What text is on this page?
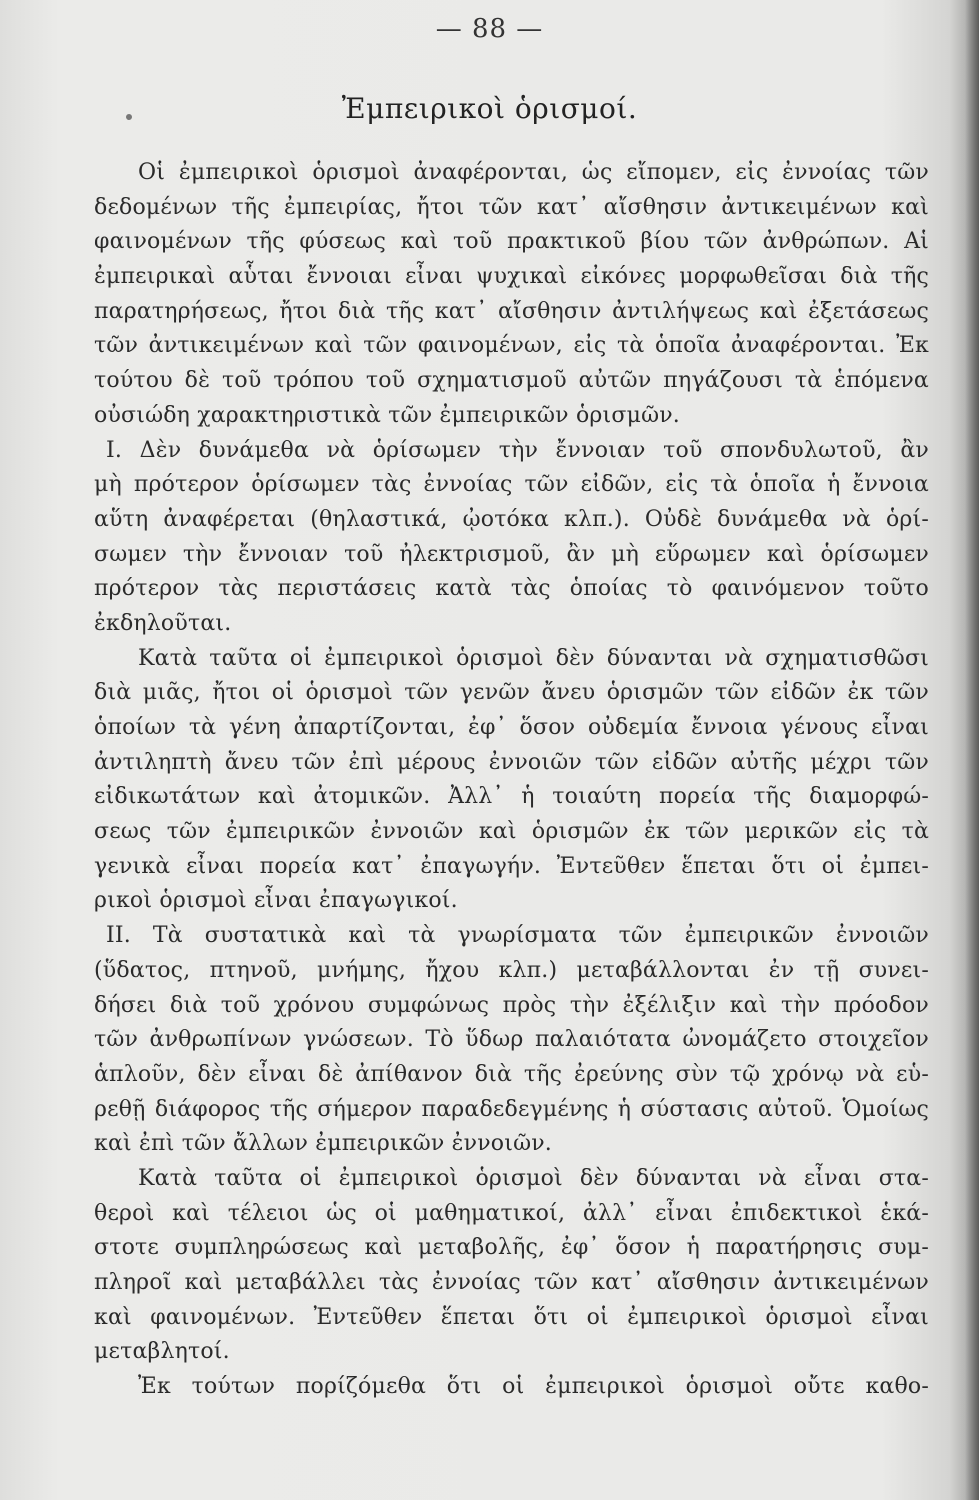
— 88 —
Ἐμπειρικοὶ ὁρισμοί.
Οἱ ἐμπειρικοὶ ὁρισμοὶ ἀναφέρονται, ὡς εἴπομεν, εἰς ἐννοίας τῶν
δεδομένων τῆς ἐμπειρίας, ἤτοι τῶν κατ᾽ αἴσθησιν ἀντικειμένων καὶ
φαινομένων τῆς φύσεως καὶ τοῦ πρακτικοῦ βίου τῶν ἀνθρώπων. Αἱ
ἐμπειρικαὶ αὗται ἔννοιαι εἶναι ψυχικαὶ εἰκόνες μορφωθεῖσαι διὰ τῆς
παρατηρήσεως, ἤτοι διὰ τῆς κατ᾽ αἴσθησιν ἀντιλήψεως καὶ ἐξετάσεως
τῶν ἀντικειμένων καὶ τῶν φαινομένων, εἰς τὰ ὁποῖα ἀναφέρονται. Ἐκ
τούτου δὲ τοῦ τρόπου τοῦ σχηματισμοῦ αὐτῶν πηγάζουσι τὰ ἑπόμενα
οὐσιώδη χαρακτηριστικὰ τῶν ἐμπειρικῶν ὁρισμῶν.
I. Δὲν δυνάμεθα νὰ ὁρίσωμεν τὴν ἔννοιαν τοῦ σπονδυλωτοῦ, ἂν
μὴ πρότερον ὁρίσωμεν τὰς ἐννοίας τῶν εἰδῶν, εἰς τὰ ὁποῖα ἡ ἔννοια
αὕτη ἀναφέρεται (θηλαστικά, ᾠοτόκα κλπ.). Οὐδὲ δυνάμεθα νὰ ὁρί-
σωμεν τὴν ἔννοιαν τοῦ ἠλεκτρισμοῦ, ἂν μὴ εὕρωμεν καὶ ὁρίσωμεν
πρότερον τὰς περιστάσεις κατὰ τὰς ὁποίας τὸ φαινόμενον τοῦτο
ἐκδηλοῦται.
Κατὰ ταῦτα οἱ ἐμπειρικοὶ ὁρισμοὶ δὲν δύνανται νὰ σχηματισθῶσι
διὰ μιᾶς, ἤτοι οἱ ὁρισμοὶ τῶν γενῶν ἄνευ ὁρισμῶν τῶν εἰδῶν ἐκ τῶν
ὁποίων τὰ γένη ἀπαρτίζονται, ἐφ᾽ ὅσον οὐδεμία ἔννοια γένους εἶναι
ἀντιληπτὴ ἄνευ τῶν ἐπὶ μέρους ἐννοιῶν τῶν εἰδῶν αὐτῆς μέχρι τῶν
εἰδικωτάτων καὶ ἀτομικῶν. Ἀλλ᾽ ἡ τοιαύτη πορεία τῆς διαμορφώ-
σεως τῶν ἐμπειρικῶν ἐννοιῶν καὶ ὁρισμῶν ἐκ τῶν μερικῶν εἰς τὰ
γενικὰ εἶναι πορεία κατ᾽ ἐπαγωγήν. Ἐντεῦθεν ἕπεται ὅτι οἱ ἐμπει-
ρικοὶ ὁρισμοὶ εἶναι ἐπαγωγικοί.
II. Τὰ συστατικὰ καὶ τὰ γνωρίσματα τῶν ἐμπειρικῶν ἐννοιῶν
(ὕδατος, πτηνοῦ, μνήμης, ἤχου κλπ.) μεταβάλλονται ἐν τῇ συνει-
δήσει διὰ τοῦ χρόνου συμφώνως πρὸς τὴν ἐξέλιξιν καὶ τὴν πρόοδον
τῶν ἀνθρωπίνων γνώσεων. Τὸ ὕδωρ παλαιότατα ὠνομάζετο στοιχεῖον
ἁπλοῦν, δὲν εἶναι δὲ ἀπίθανον διὰ τῆς ἐρεύνης σὺν τῷ χρόνῳ νὰ εὑ-
ρεθῇ διάφορος τῆς σήμερον παραδεδεγμένης ἡ σύστασις αὐτοῦ. Ὁμοίως
καὶ ἐπὶ τῶν ἄλλων ἐμπειρικῶν ἐννοιῶν.
Κατὰ ταῦτα οἱ ἐμπειρικοὶ ὁρισμοὶ δὲν δύνανται νὰ εἶναι στα-
θεροὶ καὶ τέλειοι ὡς οἱ μαθηματικοί, ἀλλ᾽ εἶναι ἐπιδεκτικοὶ ἑκά-
στοτε συμπληρώσεως καὶ μεταβολῆς, ἐφ᾽ ὅσον ἡ παρατήρησις συμ-
πληροῖ καὶ μεταβάλλει τὰς ἐννοίας τῶν κατ᾽ αἴσθησιν ἀντικειμένων
καὶ φαινομένων. Ἐντεῦθεν ἕπεται ὅτι οἱ ἐμπειρικοὶ ὁρισμοὶ εἶναι
μεταβλητοί.
Ἐκ τούτων πορίζόμεθα ὅτι οἱ ἐμπειρικοὶ ὁρισμοὶ οὔτε καθο-
